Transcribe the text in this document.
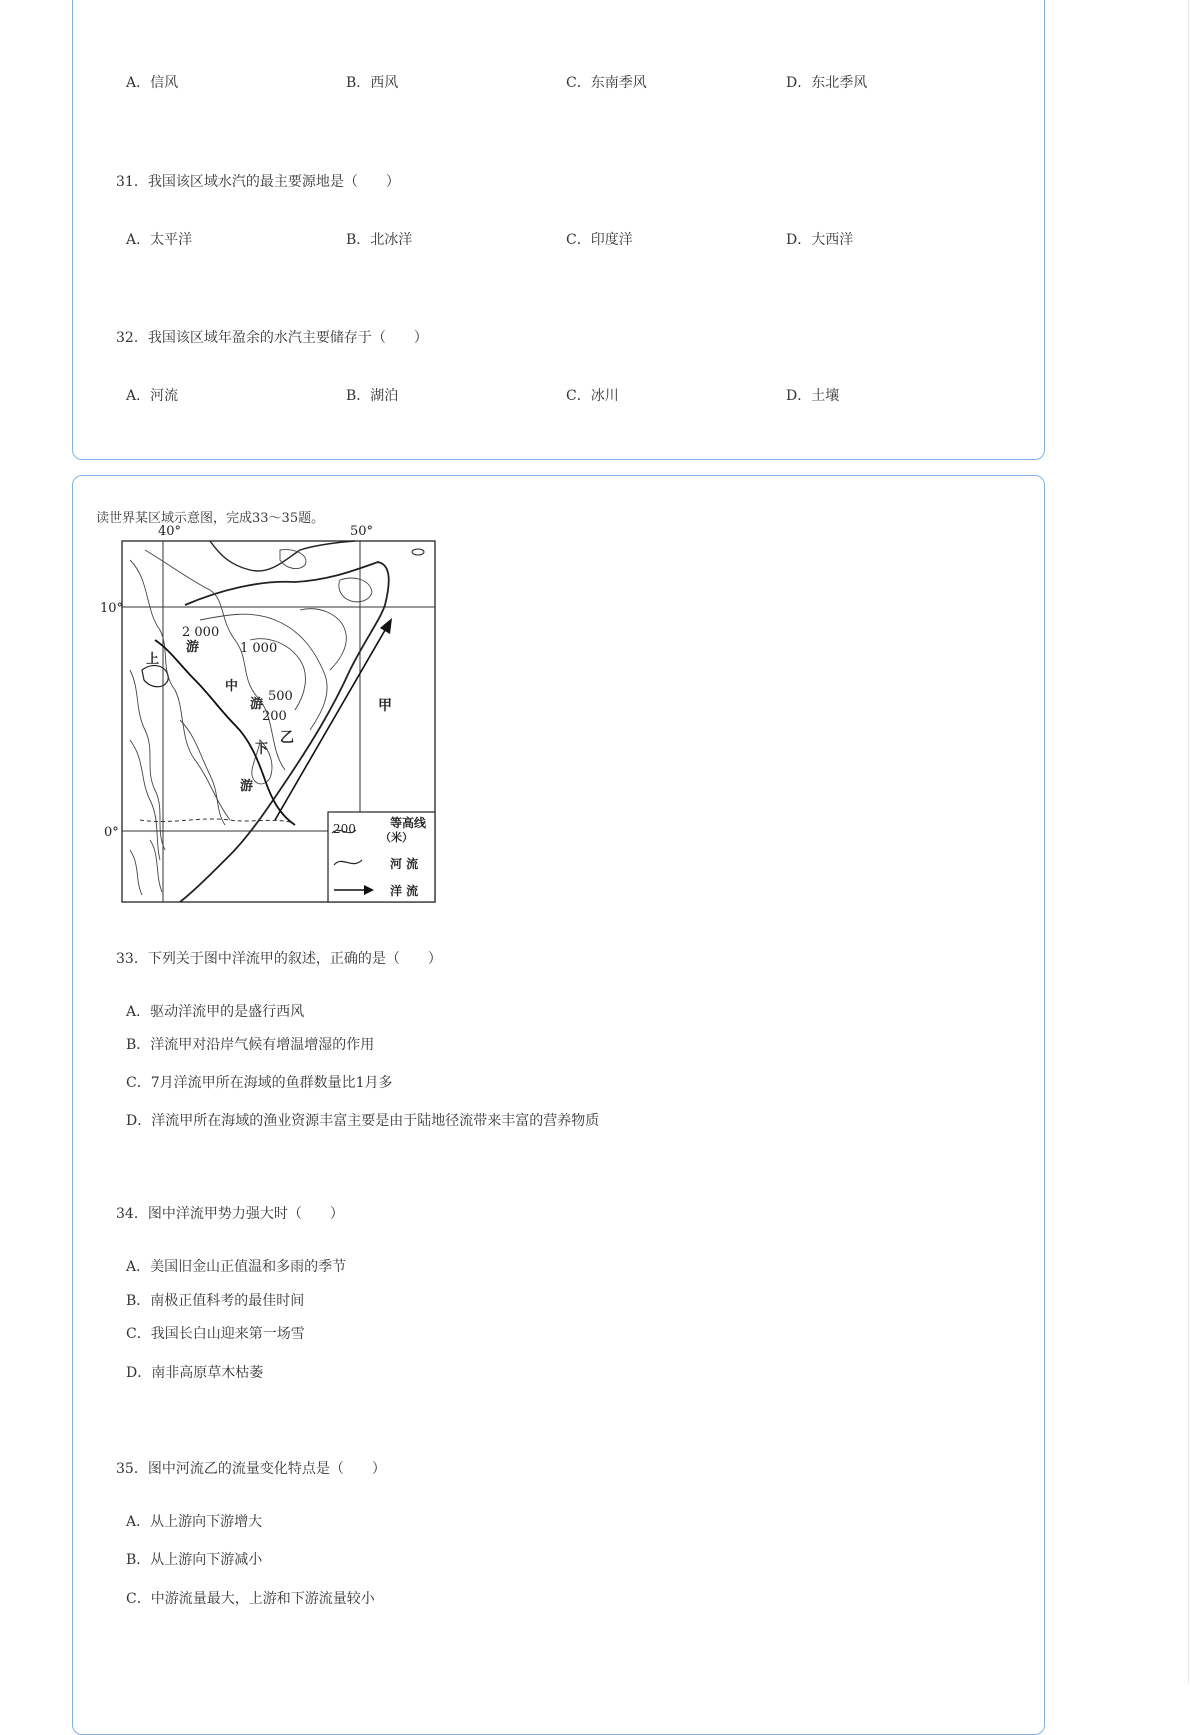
A．信风	B．西风	C．东南季风	D．东北季风
31．我国该区域水汽的最主要源地是（　　）
A．太平洋	B．北冰洋	C．印度洋	D．大西洋
32．我国该区域年盈余的水汽主要储存于（　　）
A．河流	B．湖泊	C．冰川	D．土壤
读世界某区域示意图，完成33～35题。
40°	50°
10°
0°
2 000
1 000
500
200
游
上
中
游
乙
下
游
甲
200	等高线
（米）
河 流
洋 流
33．下列关于图中洋流甲的叙述，正确的是（　　）
A．驱动洋流甲的是盛行西风
B．洋流甲对沿岸气候有增温增湿的作用
C．7月洋流甲所在海域的鱼群数量比1月多
D．洋流甲所在海域的渔业资源丰富主要是由于陆地径流带来丰富的营养物质
34．图中洋流甲势力强大时（　　）
A．美国旧金山正值温和多雨的季节
B．南极正值科考的最佳时间
C．我国长白山迎来第一场雪
D．南非高原草木枯萎
35．图中河流乙的流量变化特点是（　　）
A．从上游向下游增大
B．从上游向下游减小
C．中游流量最大，上游和下游流量较小
